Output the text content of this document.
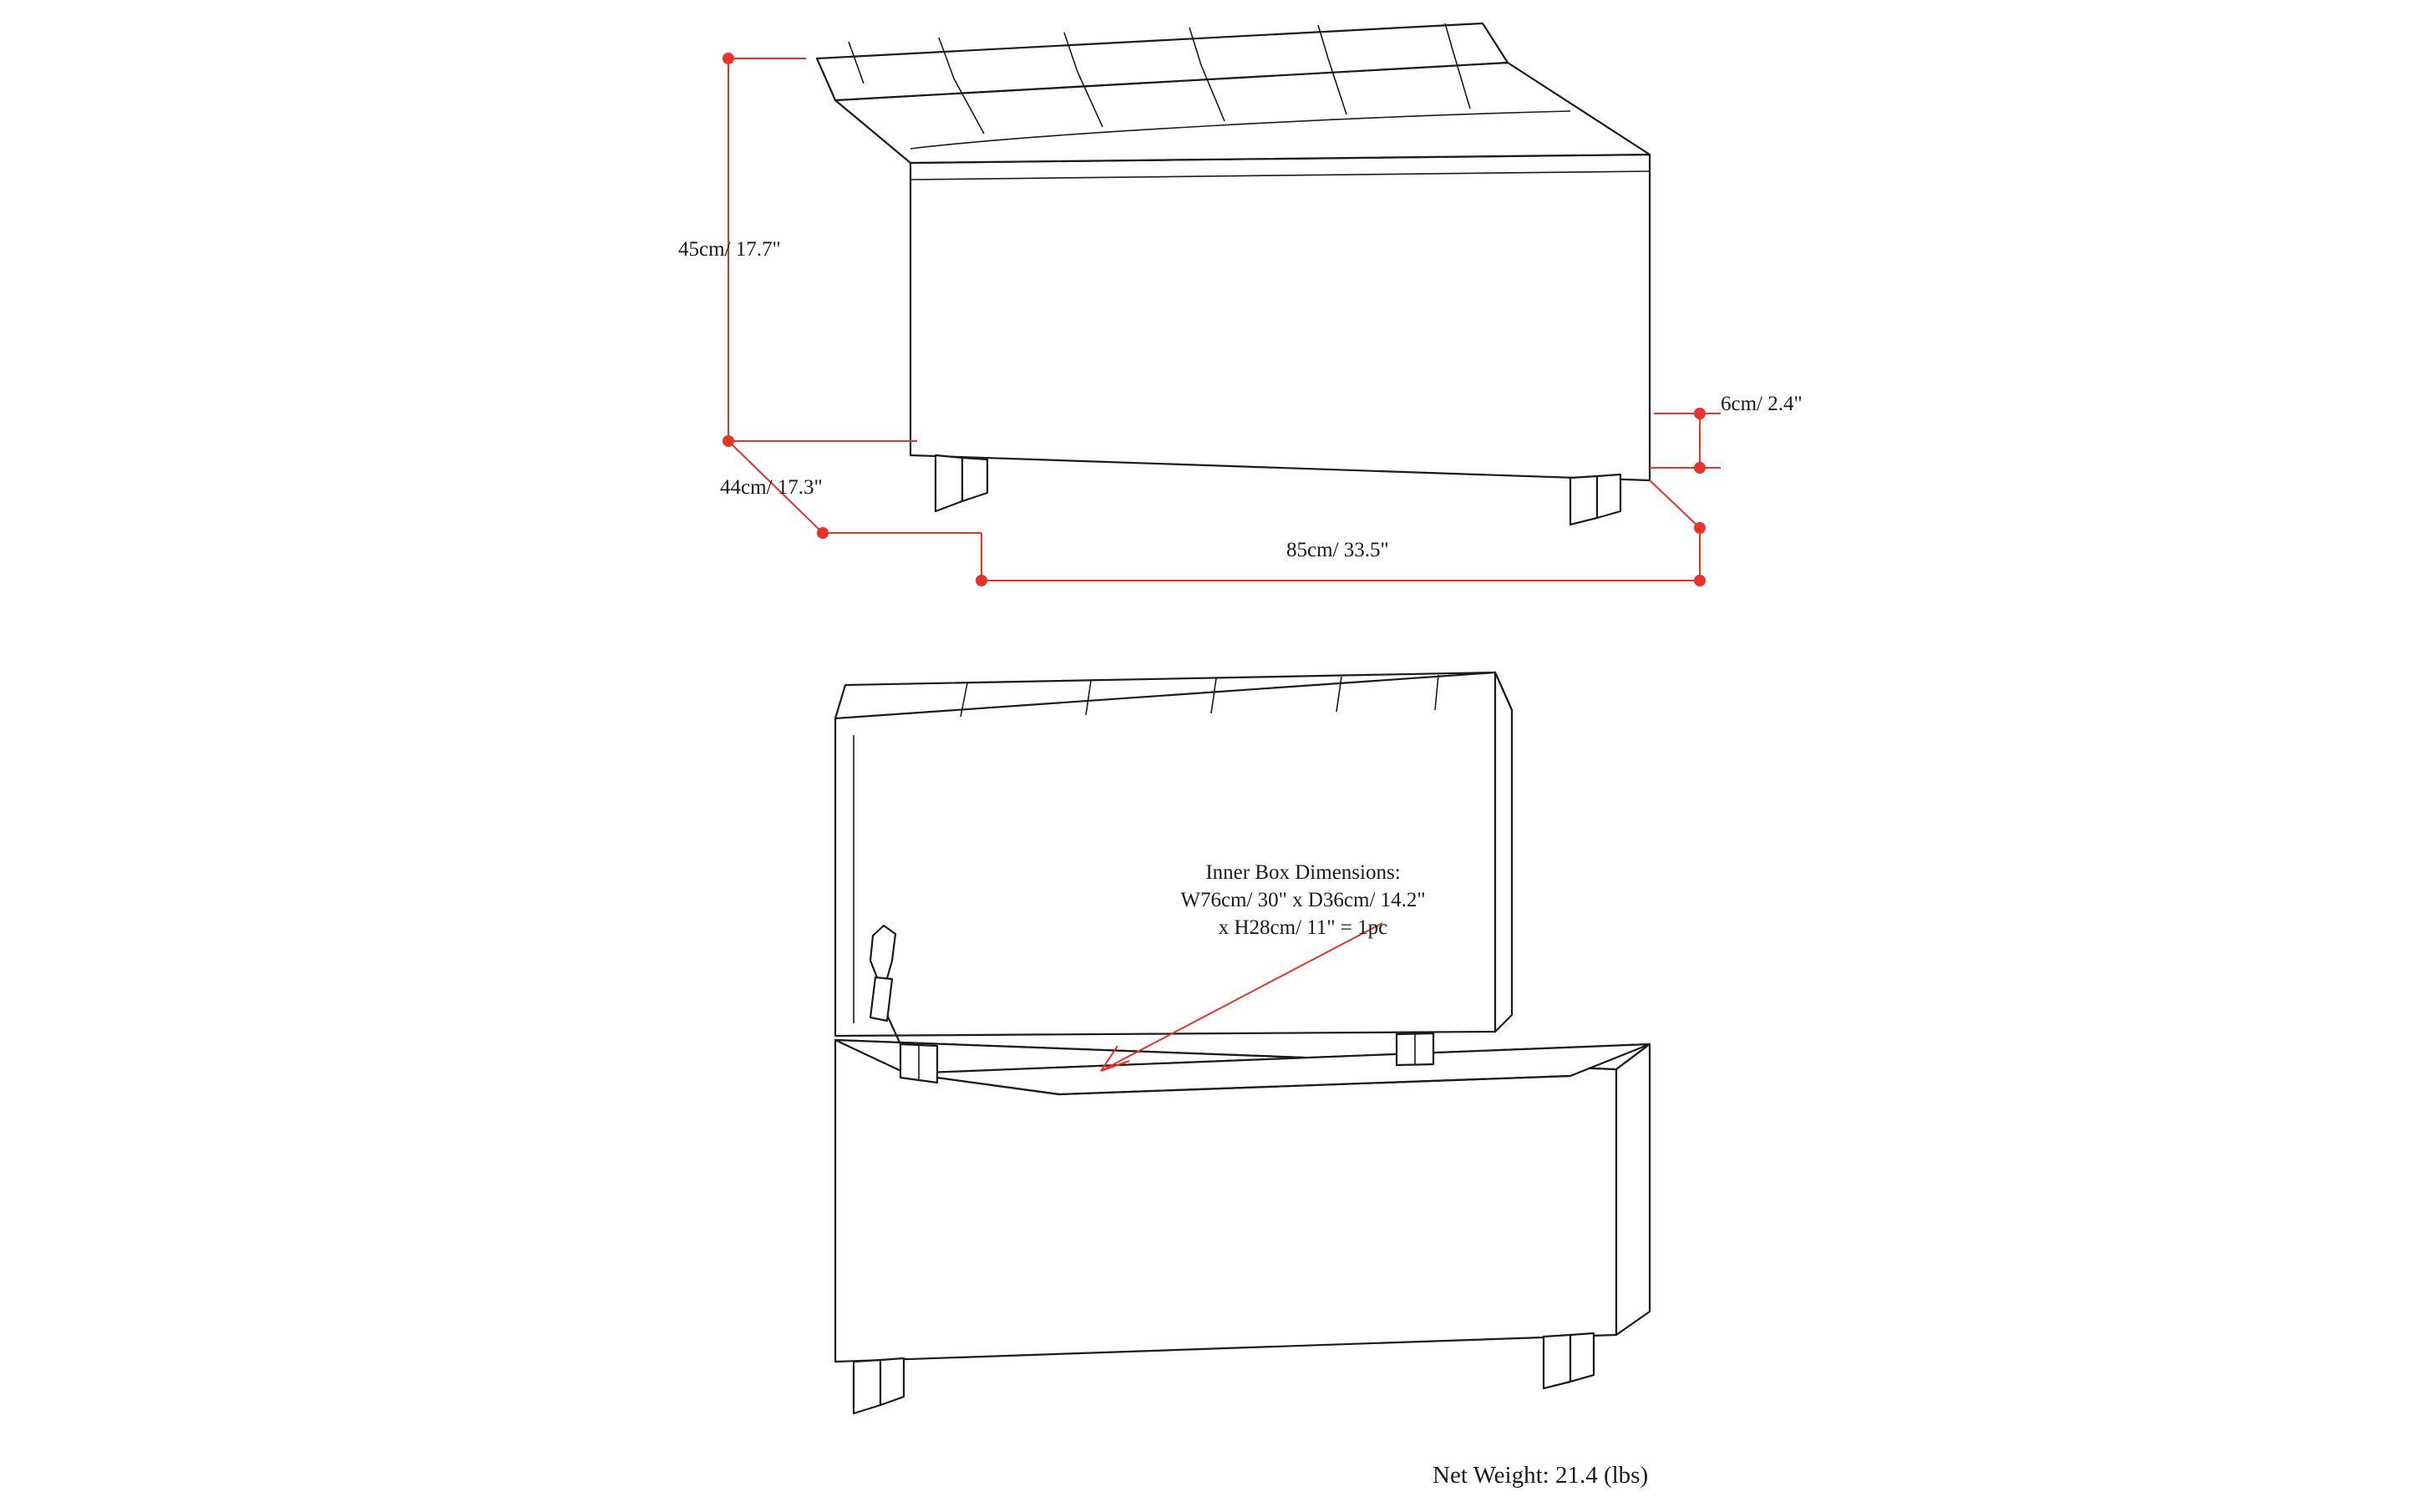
45cm/ 17.7"
44cm/ 17.3"
85cm/ 33.5"
6cm/ 2.4"
Inner Box Dimensions:
W76cm/ 30" x D36cm/ 14.2"
x H28cm/ 11" = 1pc
Net Weight: 21.4 (lbs)
